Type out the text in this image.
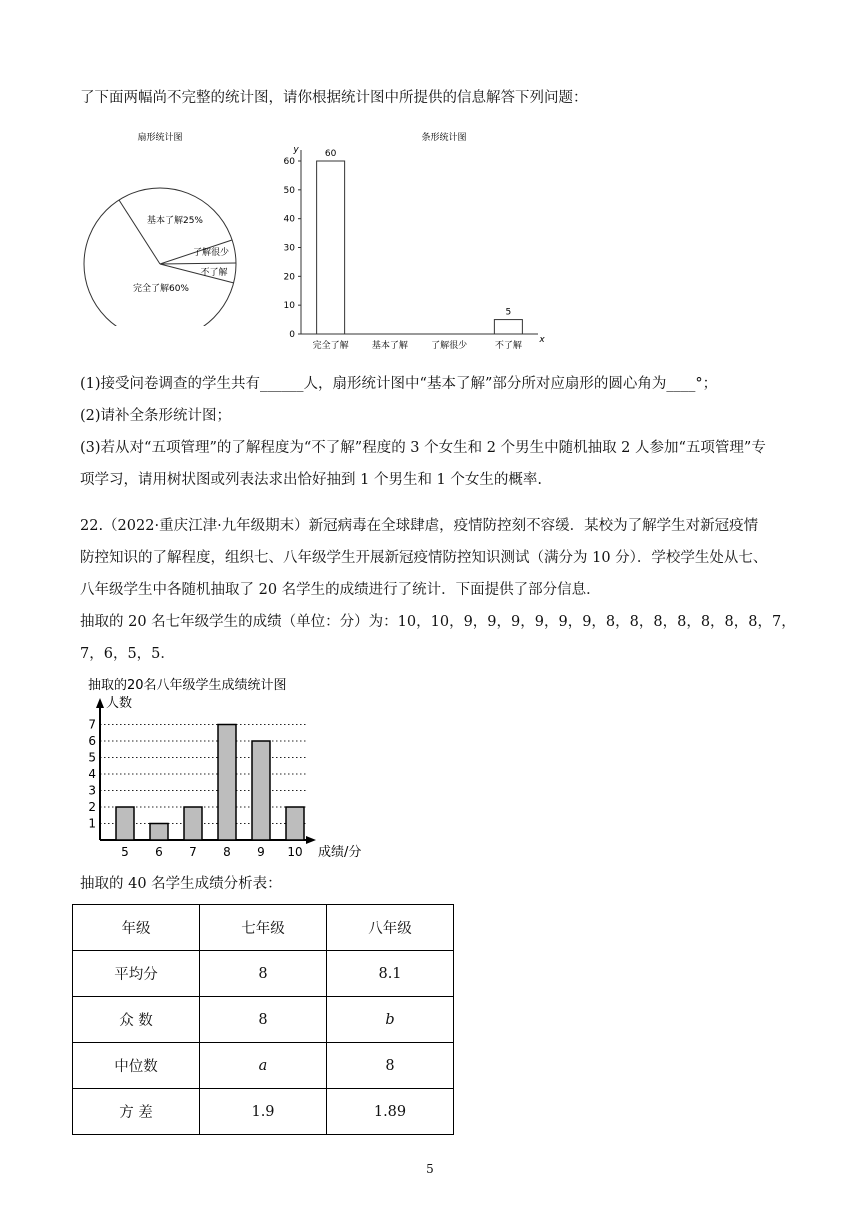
了下面两幅尚不完整的统计图，请你根据统计图中所提供的信息解答下列问题：
扇形统计图
基本了解25%
了解很少
不了解
完全了解60%
条形统计图
y
x
0
10
20
30
40
50
60
60
完全了解	基本了解	了解很少
5
不了解
(1)接受问卷调查的学生共有______人，扇形统计图中“基本了解”部分所对应扇形的圆心角为____°；
(2)请补全条形统计图；
(3)若从对“五项管理”的了解程度为“不了解”程度的 3 个女生和 2 个男生中随机抽取 2 人参加“五项管理”专
项学习，请用树状图或列表法求出恰好抽到 1 个男生和 1 个女生的概率.
22.（2022·重庆江津·九年级期末）新冠病毒在全球肆虐，疫情防控刻不容缓．某校为了解学生对新冠疫情
防控知识的了解程度，组织七、八年级学生开展新冠疫情防控知识测试（满分为 10 分）．学校学生处从七、
八年级学生中各随机抽取了 20 名学生的成绩进行了统计．下面提供了部分信息．
抽取的 20 名七年级学生的成绩（单位：分）为：10，10，9，9，9，9，9，9，8，8，8，8，8，8，8，7，
7，6，5，5．
抽取的20名八年级学生成绩统计图
人数
成绩/分
1
2
3
4
5
6
7
5 6 7 8 9 10
抽取的 40 名学生成绩分析表：
年级	七年级	八年级
平均分	8	8.1
众 数	8	b
中位数	a	8
方 差	1.9	1.89
5
